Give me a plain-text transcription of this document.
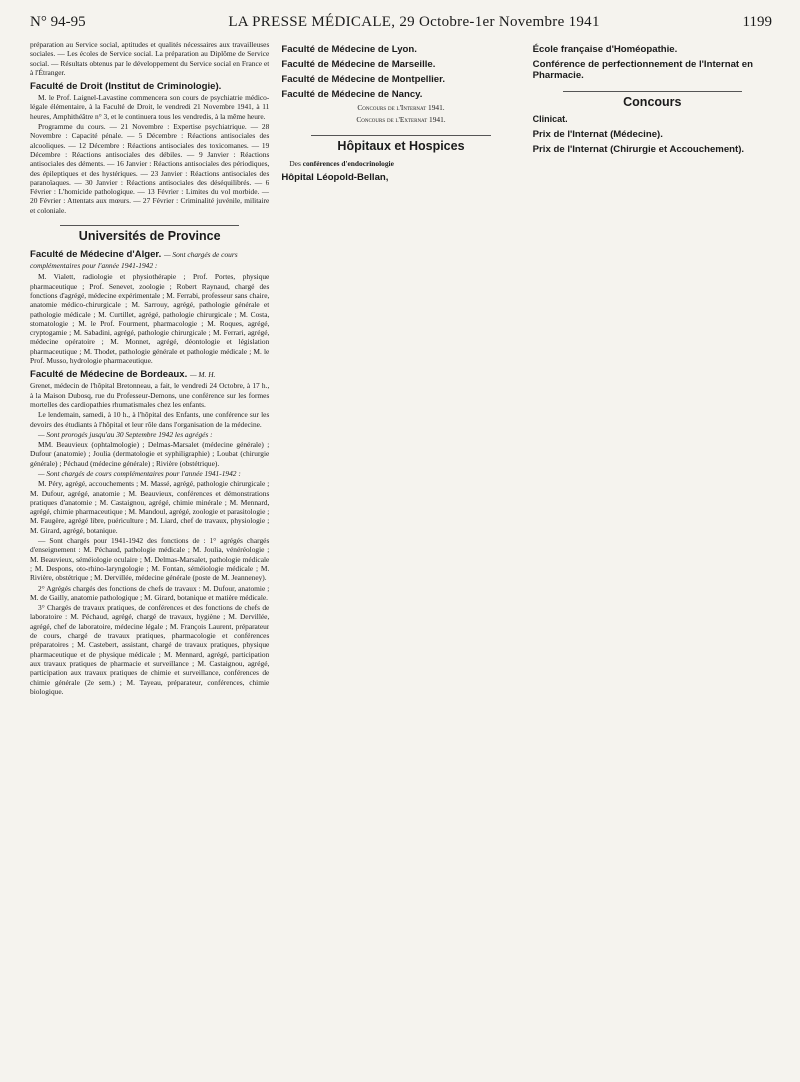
N° 94-95	LA PRESSE MÉDICALE, 29 Octobre-1er Novembre 1941	1199

préparation au Service social, aptitudes et qualités nécessaires aux travailleuses sociales. — Les écoles de Service social. La préparation au Diplôme de Service social. — Résultats obtenus par le développement du Service social en France et à l'Étranger.

Faculté de Droit (Institut de Criminologie).

M. le Prof. Laignel-Lavastine commencera son cours de psychiatrie médico-légale élémentaire, à la Faculté de Droit, le vendredi 21 Novembre 1941, à 11 heures, Amphithéâtre n° 3, et le continuera tous les vendredis, à la même heure.

Programme du cours. — 21 Novembre : Expertise psychiatrique. — 28 Novembre : Capacité pénale. — 5 Décembre : Réactions antisociales des alcooliques. — 12 Décembre : Réactions antisociales des toxicomanes. — 19 Décembre : Réactions antisociales des débiles. — 9 Janvier : Réactions antisociales des déments. — 16 Janvier : Réactions antisociales des périodiques, des épileptiques et des hystériques. — 23 Janvier : Réactions antisociales des paranoïaques. — 30 Janvier : Réactions antisociales des déséquilibrés. — 6 Février : L'homicide pathologique. — 13 Février : Limites du vol morbide. — 20 Février : Attentats aux mœurs. — 27 Février : Criminalité juvénile, militaire et coloniale.

Universités de Province
Faculté de Médecine d'Alger. — Sont chargés de cours complémentaires pour l'année 1941-1942 :

M. Vialett, radiologie et physiothérapie ; Prof. Portes, physique pharmaceutique ; Prof. Senevet, zoologie ; Robert Raynaud, chargé des fonctions d'agrégé, médecine expérimentale ; M. Ferrabi, professeur sans chaire, anatomie médico-chirurgicale ; M. Sarrouy, agrégé, pathologie générale et pathologie médicale ; M. Curtillet, agrégé, pathologie chirurgicale ; M. Costa, stomatologie ; M. le Prof. Fourment, pharmacologie ; M. Roques, agrégé, cryptogamie ; M. Sabadini, agrégé, pathologie chirurgicale ; M. Ferrari, agrégé, médecine opératoire ; M. Monnet, agrégé, déontologie et législation pharmaceutique ; M. Thodet, pathologie générale et pathologie médicale ; M. le Prof. Musso, hydrologie pharmaceutique.

Faculté de Médecine de Bordeaux. — M. H.

Grenet, médecin de l'hôpital Bretonneau, a fait, le vendredi 24 Octobre, à 17 h., à la Maison Dubosq, rue du Professeur-Demons, une conférence sur les formes mortelles des cardiopathies rhumatismales chez les enfants.

Le lendemain, samedi, à 10 h., à l'hôpital des Enfants, une conférence sur les devoirs des étudiants à l'hôpital et leur rôle dans l'organisation de la médecine.

— Sont prorogés jusqu'au 30 Septembre 1942 les agrégés :

MM. Beauvieux (ophtalmologie) ; Delmas-Marsalet (médecine générale) ; Dufour (anatomie) ; Joulia (dermatologie et syphiligraphie) ; Loubat (chirurgie générale) ; Péchaud (médecine générale) ; Rivière (obstétrique).

— Sont chargés de cours complémentaires pour l'année 1941-1942 :

M. Péry, agrégé, accouchements ; M. Massé, agrégé, pathologie chirurgicale ; M. Dufour, agrégé, anatomie ; M. Beauvieux, conférences et démonstrations pratiques d'anatomie ; M. Castaignou, agrégé, chimie minérale ; M. Mennard, agrégé, chimie pharmaceutique ; M. Mandoul, agrégé, zoologie et parasitologie ; M. Faugère, agrégé libre, puériculture ; M. Liard, chef de travaux, physiologie ; M. Girard, agrégé, botanique.

— Sont chargés pour 1941-1942 des fonctions de : 1° agrégés chargés d'enseignement : M. Péchaud, pathologie médicale ; M. Joulia, vénéréologie ; M. Beauvieux, séméiologie oculaire ; M. Delmas-Marsalet, pathologie médicale ; M. Despons, oto-rhino-laryngologie ; M. Fontan, séméiologie médicale ; M. Rivière, obstétrique ; M. Dervillée, médecine générale (poste de M. Jeanneney).

2° Agrégés chargés des fonctions de chefs de travaux : M. Dufour, anatomie ; M. de Gailly, anatomie pathologique ; M. Girard, botanique et matière médicale.

3° Chargés de travaux pratiques, de conférences et des fonctions de chefs de laboratoire : M. Péchaud, agrégé, chargé de travaux, hygiène ; M. Dervillée, agrégé, chef de laboratoire, médecine légale ; M. François Laurent, préparateur de cours, chargé de travaux pratiques, pharmacologie et conférences préparatoires ; M. Castebert, assistant, chargé de travaux pratiques, physique pharmaceutique et de physique médicale ; M. Mennard, agrégé, participation aux travaux pratiques de pharmacie et surveillance ; M. Castaignou, agrégé, participation aux travaux pratiques de chimie et surveillance, conférences de chimie générale (2e sem.) ; M. Tayeau, préparateur, conférences, chimie biologique.

Faculté de Médecine de Lyon.
Faculté de Médecine de Marseille.
Faculté de Médecine de Montpellier.
Faculté de Médecine de Nancy.

Concours de l'Internat 1941.

Concours de l'Externat 1941.

Hôpitaux et Hospices

Des conférences d'endocrinologie

Hôpital Léopold-Bellan,
École française d'Homéopathie.
Conférence de perfectionnement de l'Internat en Pharmacie.
Concours

Clinicat.

Prix de l'Internat (Médecine).
Prix de l'Internat (Chirurgie et Accouchement).
